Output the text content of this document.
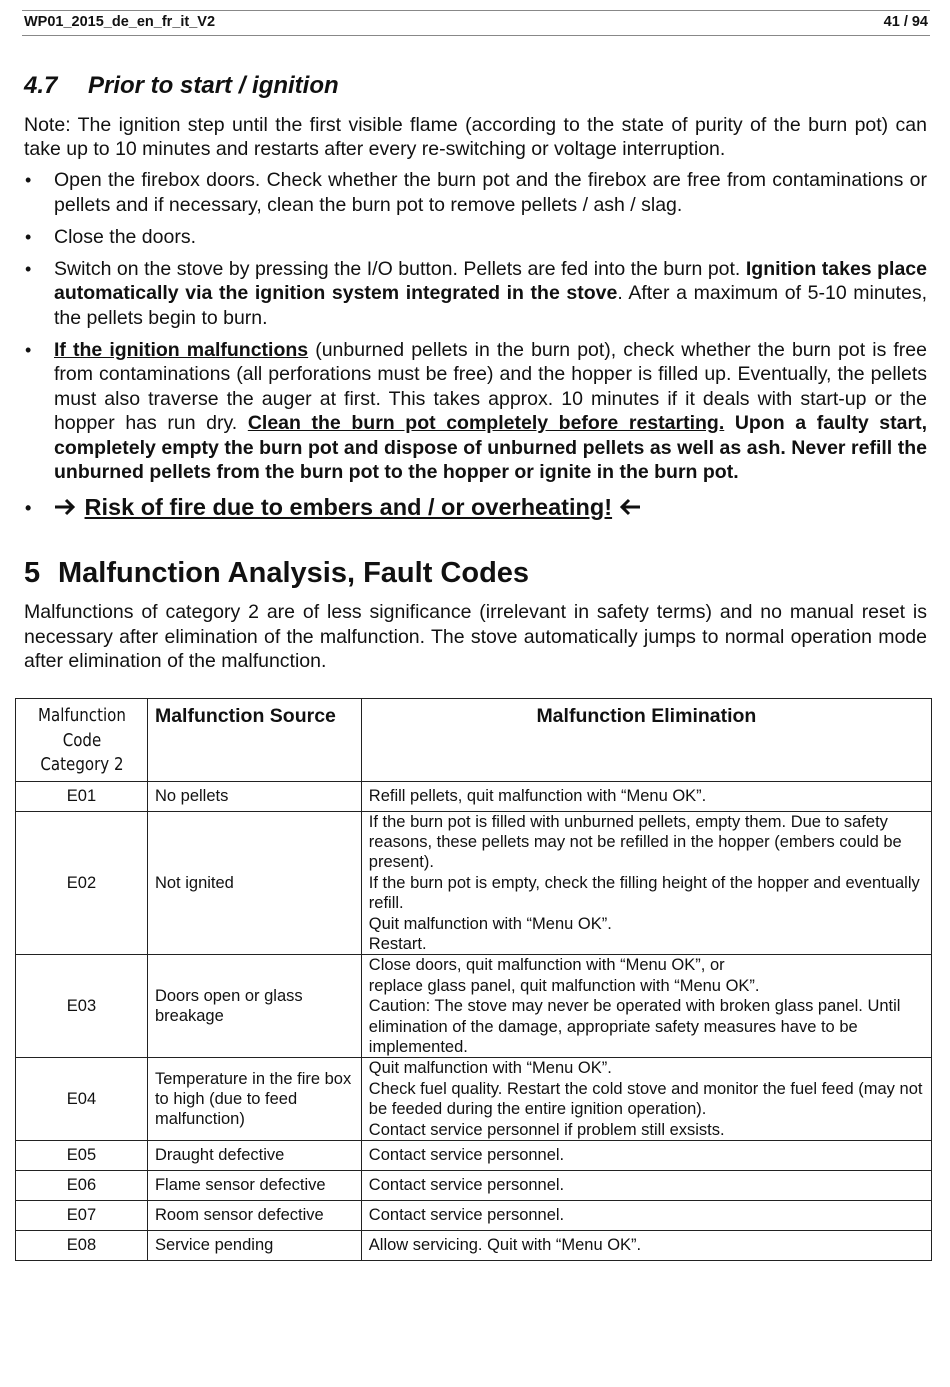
WP01_2015_de_en_fr_it_V2	41 / 94
4.7 Prior to start / ignition

Note: The ignition step until the first visible flame (according to the state of purity of the burn pot) can take up to 10 minutes and restarts after every re-switching or voltage interruption.

• Open the firebox doors. Check whether the burn pot and the firebox are free from contaminations or pellets and if necessary, clean the burn pot to remove pellets / ash / slag.
• Close the doors.
• Switch on the stove by pressing the I/O button. Pellets are fed into the burn pot. Ignition takes place automatically via the ignition system integrated in the stove. After a maximum of 5-10 minutes, the pellets begin to burn.
• If the ignition malfunctions (unburned pellets in the burn pot), check whether the burn pot is free from contaminations (all perforations must be free) and the hopper is filled up. Eventually, the pellets must also traverse the auger at first. This takes approx. 10 minutes if it deals with start-up or the hopper has run dry. Clean the burn pot completely before restarting. Upon a faulty start, completely empty the burn pot and dispose of unburned pellets as well as ash. Never refill the unburned pellets from the burn pot to the hopper or ignite in the burn pot.
• Risk of fire due to embers and / or overheating!
5 Malfunction Analysis, Fault Codes

Malfunctions of category 2 are of less significance (irrelevant in safety terms) and no manual reset is necessary after elimination of the malfunction. The stove automatically jumps to normal operation mode after elimination of the malfunction.

Malfunction
Code
Category 2	Malfunction Source	Malfunction Elimination
E01	No pellets	Refill pellets, quit malfunction with “Menu OK”.

E02	Not ignited	If the burn pot is filled with unburned pellets, empty them. Due to safety reasons, these pellets may not be refilled in the hopper (embers could be present).
If the burn pot is empty, check the filling height of the hopper and eventually refill.
Quit malfunction with “Menu OK”.
Restart.

E03	Doors open or glass breakage	Close doors, quit malfunction with “Menu OK”, or
replace glass panel, quit malfunction with “Menu OK”.
Caution: The stove may never be operated with broken glass panel. Until elimination of the damage, appropriate safety measures have to be implemented.

E04	Temperature in the fire box to high (due to feed malfunction)	Quit malfunction with “Menu OK”.
Check fuel quality. Restart the cold stove and monitor the fuel feed (may not be feeded during the entire ignition operation).
Contact service personnel if problem still exsists.

E05	Draught defective	Contact service personnel.

E06	Flame sensor defective	Contact service personnel.

E07	Room sensor defective	Contact service personnel.

E08	Service pending	Allow servicing. Quit with “Menu OK”.
